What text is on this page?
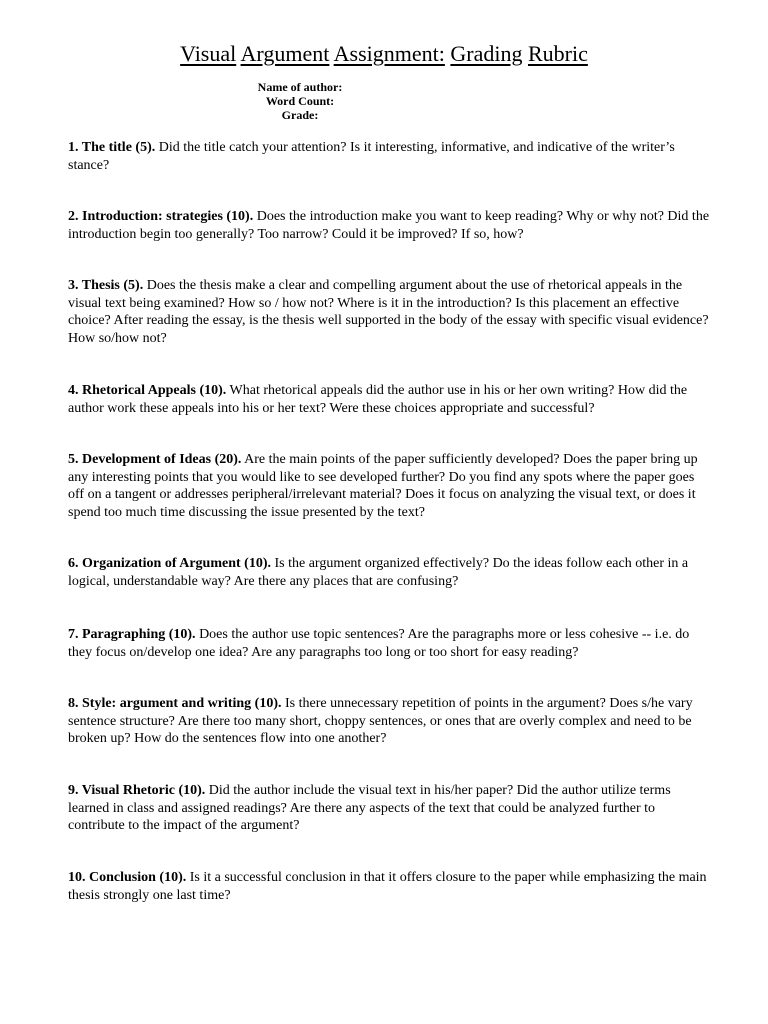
Visual Argument Assignment: Grading Rubric
Name of author:
Word Count:
Grade:
1. The title (5). Did the title catch your attention? Is it interesting, informative, and indicative of the writer’s stance?
2. Introduction: strategies (10). Does the introduction make you want to keep reading? Why or why not? Did the introduction begin too generally? Too narrow? Could it be improved? If so, how?
3. Thesis (5). Does the thesis make a clear and compelling argument about the use of rhetorical appeals in the visual text being examined? How so / how not? Where is it in the introduction? Is this placement an effective choice? After reading the essay, is the thesis well supported in the body of the essay with specific visual evidence? How so/how not?
4. Rhetorical Appeals (10). What rhetorical appeals did the author use in his or her own writing? How did the author work these appeals into his or her text? Were these choices appropriate and successful?
5. Development of Ideas (20). Are the main points of the paper sufficiently developed? Does the paper bring up any interesting points that you would like to see developed further? Do you find any spots where the paper goes off on a tangent or addresses peripheral/irrelevant material? Does it focus on analyzing the visual text, or does it spend too much time discussing the issue presented by the text?
6. Organization of Argument (10). Is the argument organized effectively? Do the ideas follow each other in a logical, understandable way? Are there any places that are confusing?
7. Paragraphing (10). Does the author use topic sentences? Are the paragraphs more or less cohesive -- i.e. do they focus on/develop one idea? Are any paragraphs too long or too short for easy reading?
8. Style: argument and writing (10). Is there unnecessary repetition of points in the argument? Does s/he vary sentence structure? Are there too many short, choppy sentences, or ones that are overly complex and need to be broken up? How do the sentences flow into one another?
9. Visual Rhetoric (10). Did the author include the visual text in his/her paper? Did the author utilize terms learned in class and assigned readings? Are there any aspects of the text that could be analyzed further to contribute to the impact of the argument?
10. Conclusion (10). Is it a successful conclusion in that it offers closure to the paper while emphasizing the main thesis strongly one last time?
